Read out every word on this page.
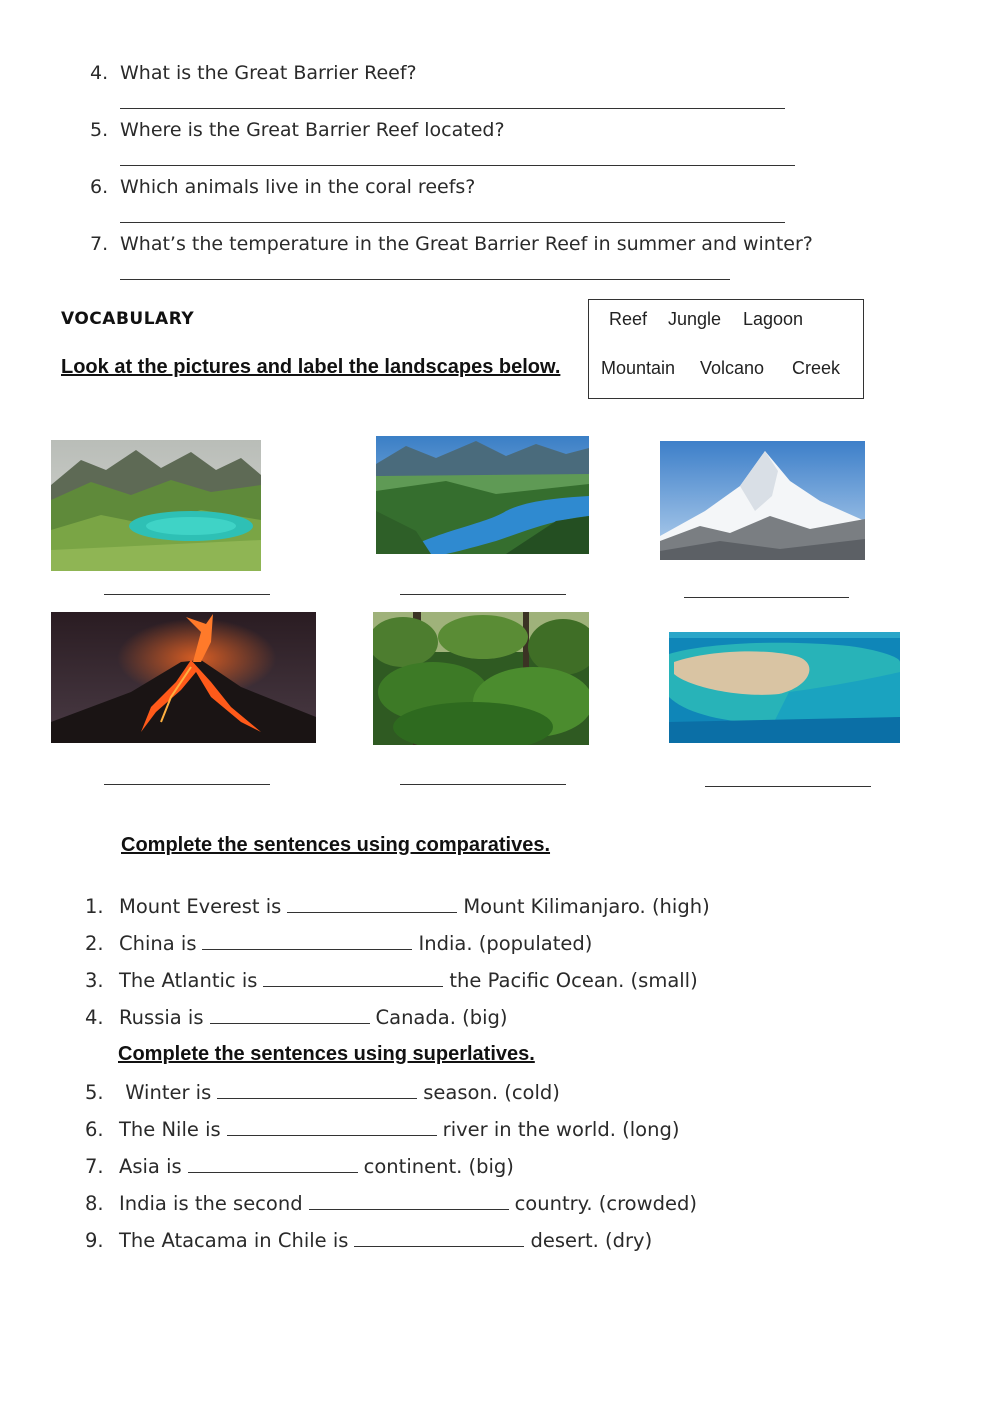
4. What is the Great Barrier Reef?
5. Where is the Great Barrier Reef located?
6. Which animals live in the coral reefs?
7. What’s the temperature in the Great Barrier Reef in summer and winter?
VOCABULARY
Look at the pictures and label the landscapes below.
Reef Jungle Lagoon
Mountain Volcano Creek
Complete the sentences using comparatives.
1. Mount Everest is	Mount Kilimanjaro. (high)
2. China is	India. (populated)
3. The Atlantic is	the Pacific Ocean. (small)
4. Russia is	Canada. (big)
Complete the sentences using superlatives.
5. Winter is	season. (cold)
6. The Nile is	river in the world. (long)
7. Asia is	continent. (big)
8. India is the second	country. (crowded)
9. The Atacama in Chile is	desert. (dry)
